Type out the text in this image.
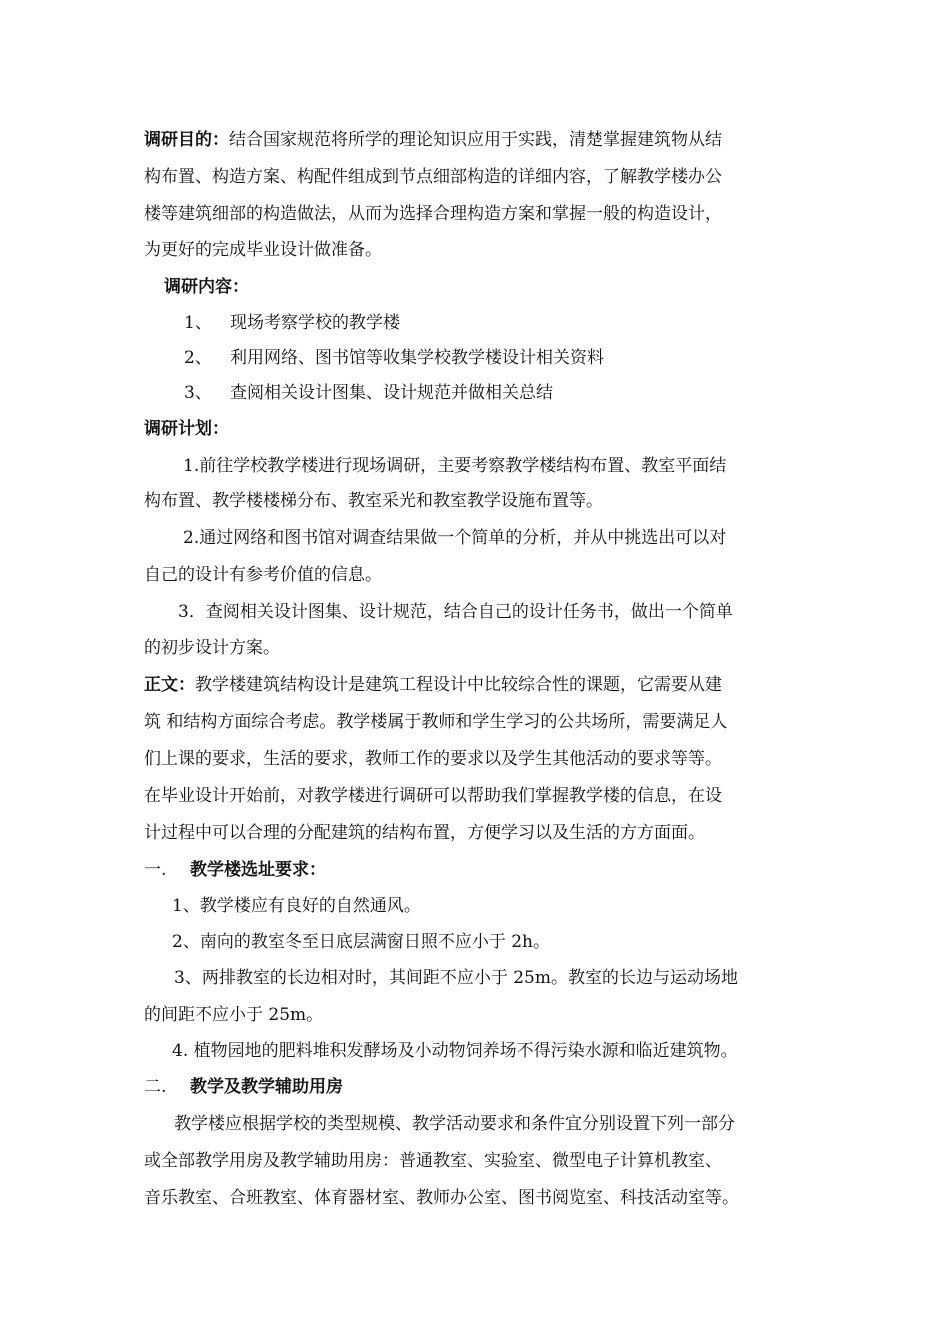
调研目的：结合国家规范将所学的理论知识应用于实践，清楚掌握建筑物从结
构布置、构造方案、构配件组成到节点细部构造的详细内容，了解教学楼办公
楼等建筑细部的构造做法，从而为选择合理构造方案和掌握一般的构造设计，
为更好的完成毕业设计做准备。
调研内容：
1、 现场考察学校的教学楼
2、 利用网络、图书馆等收集学校教学楼设计相关资料
3、 查阅相关设计图集、设计规范并做相关总结
调研计划：
1.前往学校教学楼进行现场调研，主要考察教学楼结构布置、教室平面结
构布置、教学楼楼梯分布、教室采光和教室教学设施布置等。
2.通过网络和图书馆对调查结果做一个简单的分析，并从中挑选出可以对
自己的设计有参考价值的信息。
3．查阅相关设计图集、设计规范，结合自己的设计任务书，做出一个简单
的初步设计方案。
正文：教学楼建筑结构设计是建筑工程设计中比较综合性的课题，它需要从建
筑 和结构方面综合考虑。教学楼属于教师和学生学习的公共场所，需要满足人
们上课的要求，生活的要求，教师工作的要求以及学生其他活动的要求等等。
在毕业设计开始前，对教学楼进行调研可以帮助我们掌握教学楼的信息，在设
计过程中可以合理的分配建筑的结构布置，方便学习以及生活的方方面面。
一. 教学楼选址要求：
1、教学楼应有良好的自然通风。
2、南向的教室冬至日底层满窗日照不应小于 2h。
3、两排教室的长边相对时，其间距不应小于 25m。教室的长边与运动场地
的间距不应小于 25m。
4. 植物园地的肥料堆积发酵场及小动物饲养场不得污染水源和临近建筑物。
二. 教学及教学辅助用房
教学楼应根据学校的类型规模、教学活动要求和条件宜分别设置下列一部分
或全部教学用房及教学辅助用房：普通教室、实验室、微型电子计算机教室、
音乐教室、合班教室、体育器材室、教师办公室、图书阅览室、科技活动室等。
